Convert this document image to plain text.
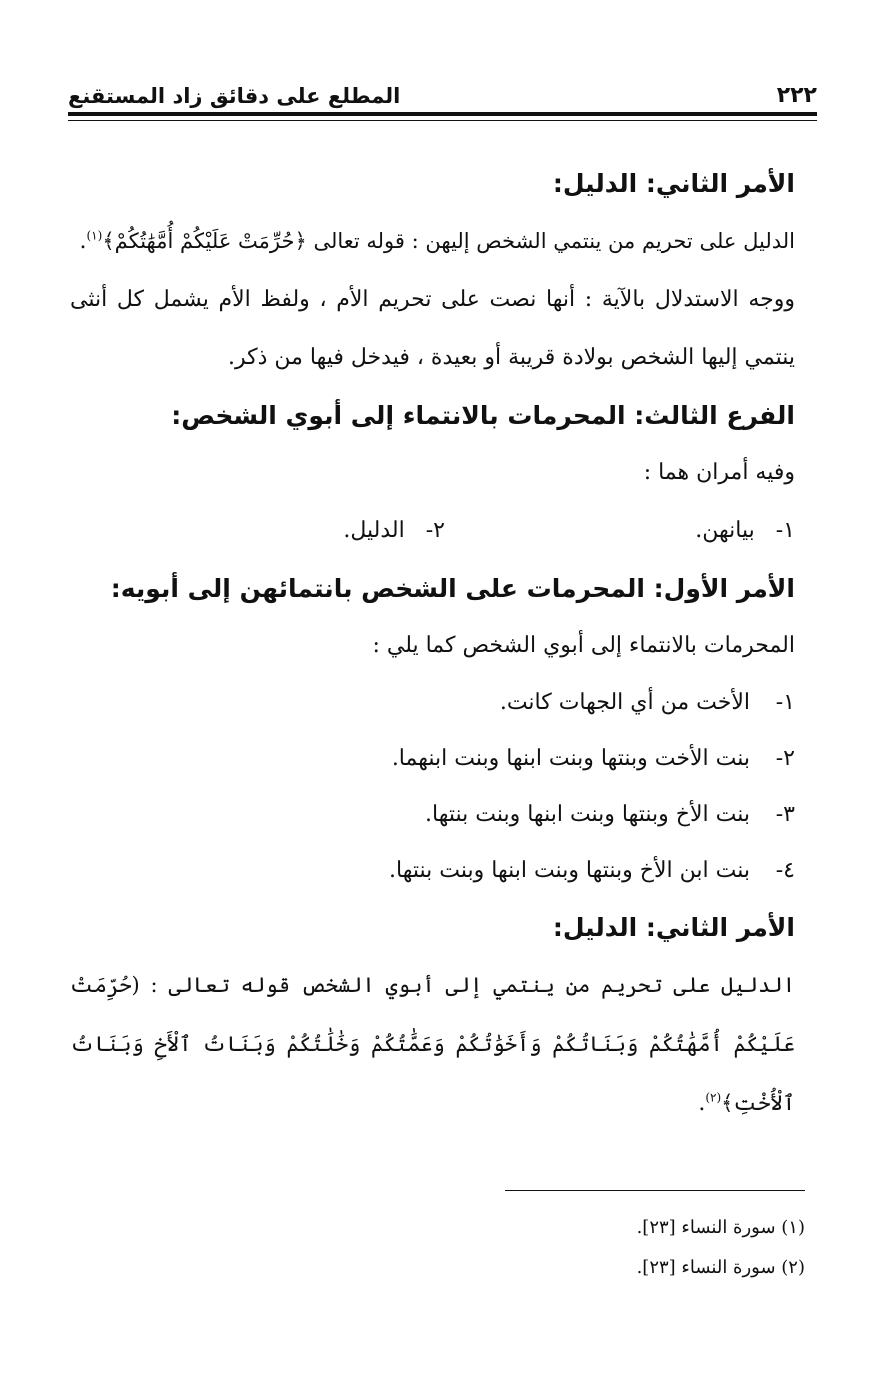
٢٢٢
المطلع على دقائق زاد المستقنع
الأمر الثاني: الدليل:

الدليل على تحريم من ينتمي الشخص إليهن : قوله تعالى ﴿حُرِّمَتْ عَلَيْكُمْ أُمَّهَٰتُكُمْ﴾$^{(١)}$.

ووجه الاستدلال بالآية : أنها نصت على تحريم الأم ، ولفظ الأم يشمل كل أنثى ينتمي إليها الشخص بولادة قريبة أو بعيدة ، فيدخل فيها من ذكر.

الفرع الثالث: المحرمات بالانتماء إلى أبوي الشخص:

وفيه أمران هما :

١-   بيانهن.
٢-   الدليل.
الأمر الأول: المحرمات على الشخص بانتمائهن إلى أبويه:

المحرمات بالانتماء إلى أبوي الشخص كما يلي :

١-الأخت من أي الجهات كانت.
٢-بنت الأخت وبنتها وبنت ابنها وبنت ابنهما.
٣-بنت الأخ وبنتها وبنت ابنها وبنت بنتها.
٤-بنت ابن الأخ وبنتها وبنت ابنها وبنت بنتها.
الأمر الثاني: الدليل:

الدليل على تحريم من ينتمي إلى أبوي الشخص قوله تعالى : (حُرِّمَتْ عَلَيْكُمْ أُمَّهَٰتُكُمْ وَبَنَاتُكُمْ وَأَخَوَٰتُكُمْ وَعَمَّٰتُكُمْ وَخَٰلَٰتُكُمْ وَبَنَاتُ ٱلْأَخِ وَبَنَاتُ ٱلْأُخْتِ﴾$^{(٢)}$.

(١) سورة النساء [٢٣].
(٢) سورة النساء [٢٣].
